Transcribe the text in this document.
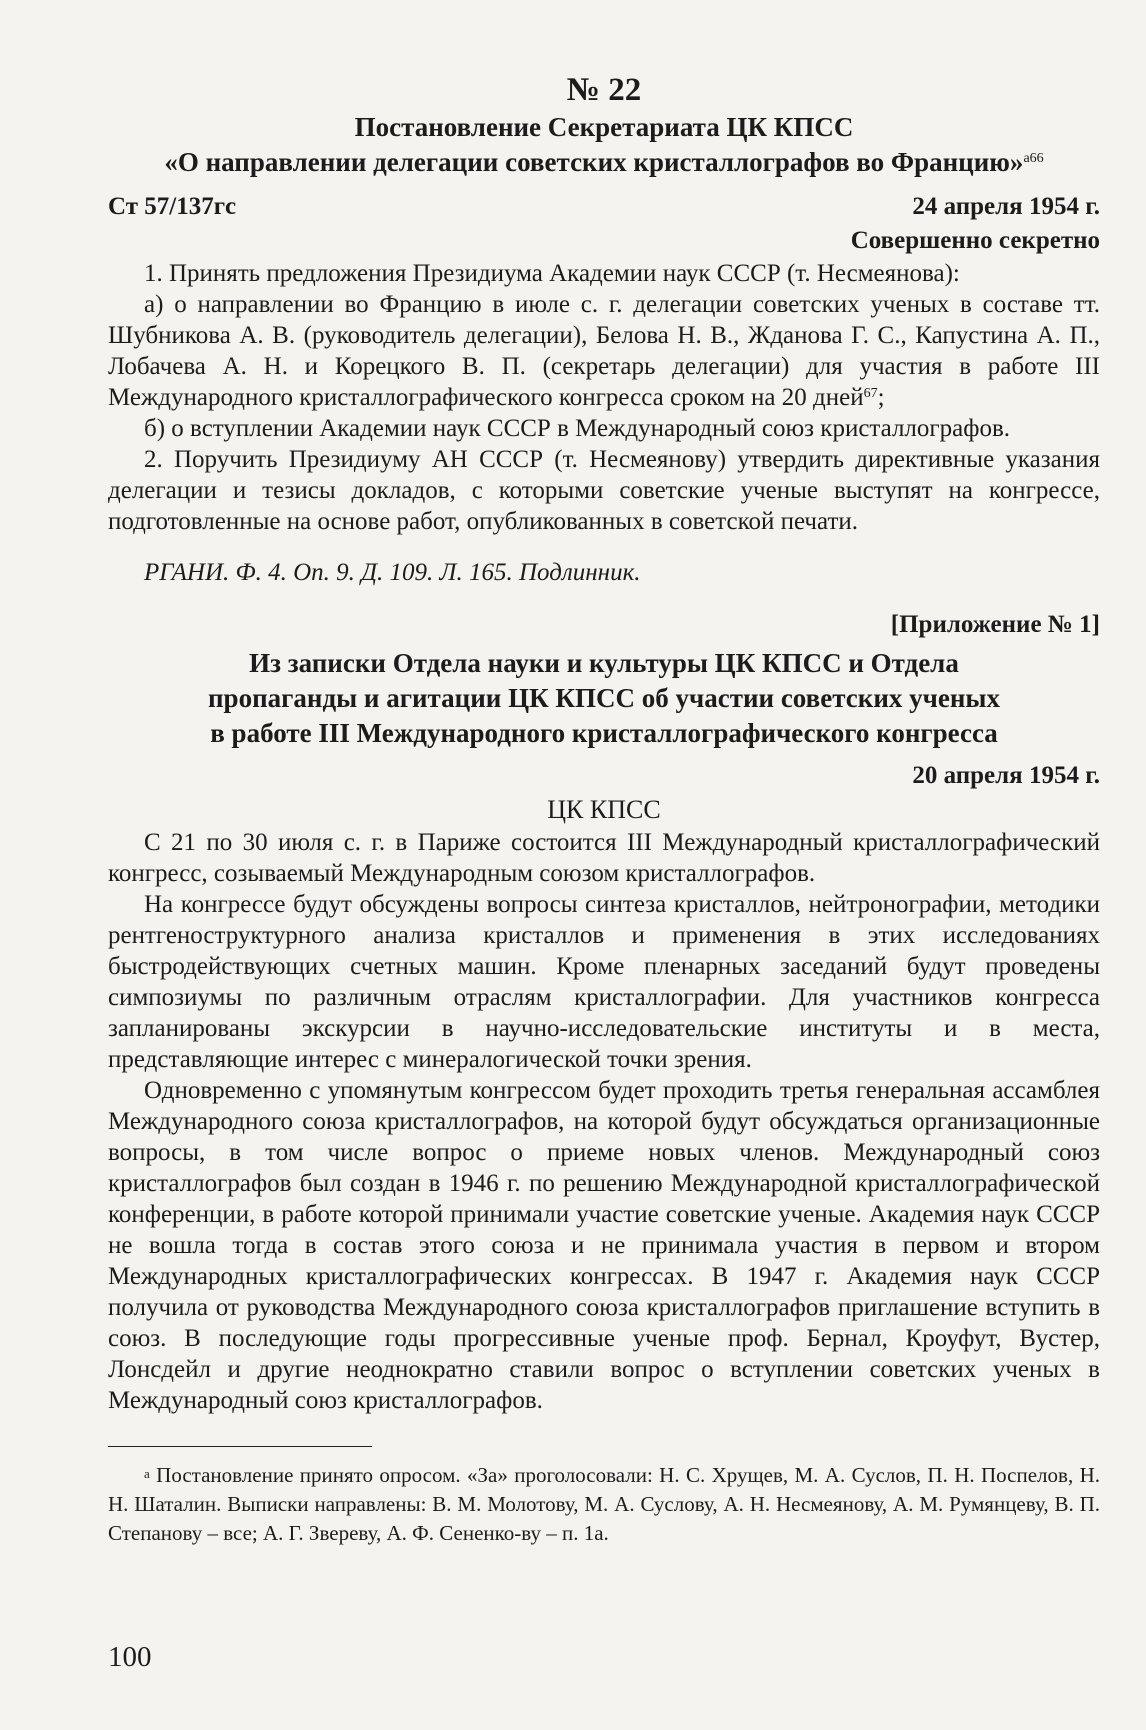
№ 22

Постановление Секретариата ЦК КПСС

«О направлении делегации советских кристаллографов во Францию»$^{а66}$

Ст 57/137гс	24 апреля 1954 г.
Совершенно секретно

1. Принять предложения Президиума Академии наук СССР (т. Несмеянова):

а) о направлении во Францию в июле с. г. делегации советских ученых в составе тт. Шубникова А. В. (руководитель делегации), Белова Н. В., Жданова Г. С., Капустина А. П., Лобачева А. Н. и Корецкого В. П. (секретарь делегации) для участия в работе III Международного кристаллографического конгресса сроком на 20 дней$^{67}$;

б) о вступлении Академии наук СССР в Международный союз кристаллографов.

2. Поручить Президиуму АН СССР (т. Несмеянову) утвердить директивные указания делегации и тезисы докладов, с которыми советские ученые выступят на конгрессе, подготовленные на основе работ, опубликованных в советской печати.

РГАНИ. Ф. 4. Оп. 9. Д. 109. Л. 165. Подлинник.

[Приложение № 1]

Из записки Отдела науки и культуры ЦК КПСС и Отдела

пропаганды и агитации ЦК КПСС об участии советских ученых

в работе III Международного кристаллографического конгресса

20 апреля 1954 г.

ЦК КПСС

С 21 по 30 июля с. г. в Париже состоится III Международный кристаллографический конгресс, созываемый Международным союзом кристаллографов.

На конгрессе будут обсуждены вопросы синтеза кристаллов, нейтронографии, методики рентгеноструктурного анализа кристаллов и применения в этих исследованиях быстродействующих счетных машин. Кроме пленарных заседаний будут проведены симпозиумы по различным отраслям кристаллографии. Для участников конгресса запланированы экскурсии в научно-исследовательские институты и в места, представляющие интерес с минералогической точки зрения.

Одновременно с упомянутым конгрессом будет проходить третья генеральная ассамблея Международного союза кристаллографов, на которой будут обсуждаться организационные вопросы, в том числе вопрос о приеме новых членов. Международный союз кристаллографов был создан в 1946 г. по решению Международной кристаллографической конференции, в работе которой принимали участие советские ученые. Академия наук СССР не вошла тогда в состав этого союза и не принимала участия в первом и втором Международных кристаллографических конгрессах. В 1947 г. Академия наук СССР получила от руководства Международного союза кристаллографов приглашение вступить в союз. В последующие годы прогрессивные ученые проф. Бернал, Кроуфут, Вустер, Лонсдейл и другие неоднократно ставили вопрос о вступлении советских ученых в Международный союз кристаллографов.

$^а$ Постановление принято опросом. «За» проголосовали: Н. С. Хрущев, М. А. Суслов, П. Н. Поспелов, Н. Н. Шаталин. Выписки направлены: В. М. Молотову, М. А. Суслову, А. Н. Несмеянову, А. М. Румянцеву, В. П. Степанову – все; А. Г. Звереву, А. Ф. Сененко-ву – п. 1а.

100
